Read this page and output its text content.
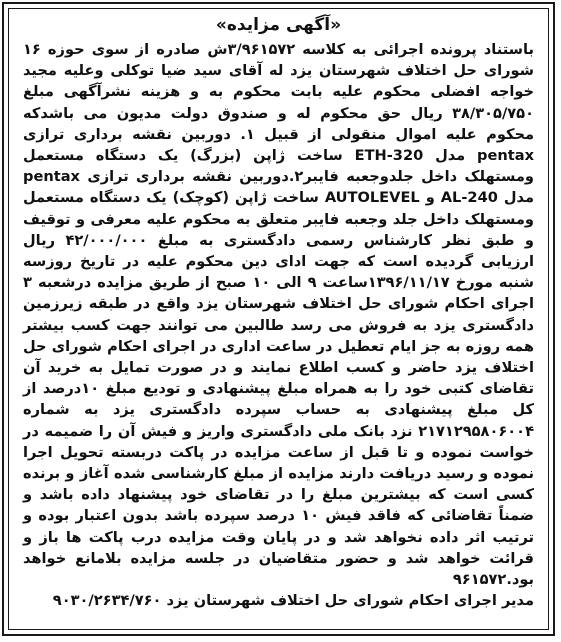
«آگهی مزایده»

باستناد پرونده اجرائی به کلاسه ۳/۹۶۱۵۷۲ش صادره از سوی حوزه ۱۶ شورای حل اختلاف شهرستان یزد له آقای سید ضیا توکلی وعلیه مجید خواجه افضلی محکوم علیه بابت محکوم به و هزینه نشرآگهی مبلغ ۳۸/۳۰۵/۷۵۰ ریال حق محکوم له و صندوق دولت مدیون می باشدکه محکوم علیه اموال منقولی از قبیل ۱. دوربین نقشه برداری ترازی pentax مدل 320-ETH ساخت ژاپن (بزرگ) یک دستگاه مستعمل ومستهلک داخل جلدوجعبه فایبر۲.دوربین نقشه برداری ترازی pentax مدل 240-AL و AUTOLEVEL ساخت ژاپن (کوچک) یک دستگاه مستعمل ومستهلک داخل جلد وجعبه فایبر متعلق به محکوم علیه معرفی و توقیف و طبق نظر کارشناس رسمی دادگستری به مبلغ ۴۲/۰۰۰/۰۰۰ ریال ارزیابی گردیده است که جهت ادای دین محکوم علیه در تاریخ روزسه شنبه مورخ ۱۳۹۶/۱۱/۱۷ساعت ۹ الی ۱۰ صبح از طریق مزایده درشعبه ۳ اجرای احکام شورای حل اختلاف شهرستان یزد واقع در طبقه زیرزمین دادگستری یزد به فروش می رسد طالبین می توانند جهت کسب بیشتر همه روزه به جز ایام تعطیل در ساعت اداری در اجرای احکام شورای حل اختلاف یزد حاضر و کسب اطلاع نمایند و در صورت تمایل به خرید آن تقاضای کتبی خود را به همراه مبلغ پیشنهادی و تودیع مبلغ ۱۰درصد از کل مبلغ پیشنهادی به حساب سپرده دادگستری یزد به شماره ۲۱۷۱۲۹۵۸۰۶۰۰۴ نزد بانک ملی دادگستری واریز و فیش آن را ضمیمه در خواست نموده و تا قبل از ساعت مزایده در پاکت دربسته تحویل اجرا نموده و رسید دریافت دارند مزایده از مبلغ کارشناسی شده آغاز و برنده کسی است که بیشترین مبلغ را در تقاضای خود پیشنهاد داده باشد و ضمناً تقاضائی که فاقد فیش ۱۰ درصد سپرده باشد بدون اعتبار بوده و ترتیب اثر داده نخواهد شد و در پایان وقت مزایده درب پاکت ها باز و قرائت خواهد شد و حضور متقاضیان در جلسه مزایده بلامانع خواهد بود.۹۶۱۵۷۲

مدیر اجرای احکام شورای حل اختلاف شهرستان یزد ۹۰۳۰/۲۶۳۴/۷۶۰
